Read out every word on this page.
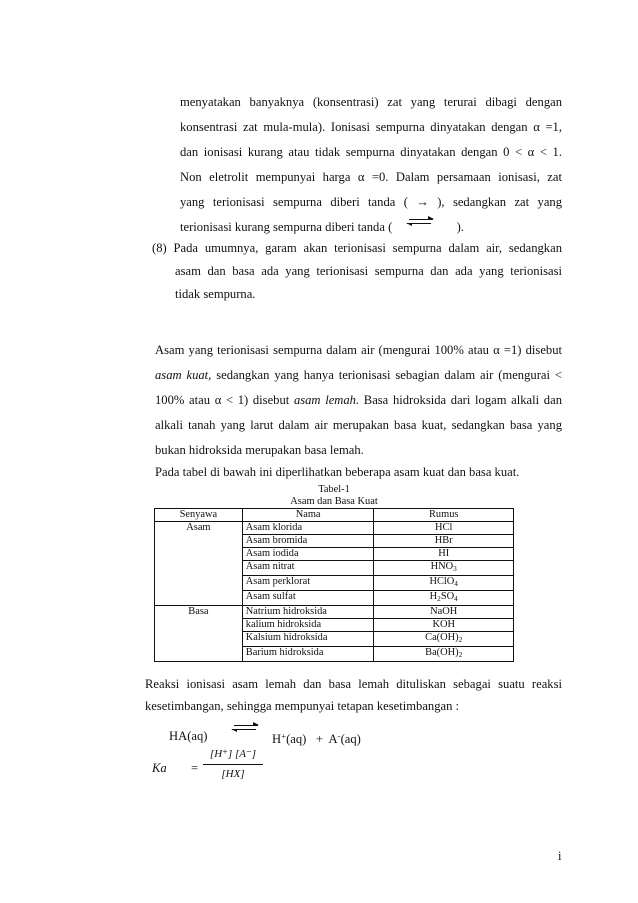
menyatakan banyaknya (konsentrasi) zat yang terurai dibagi dengan
konsentrasi zat mula-mula). Ionisasi sempurna dinyatakan dengan α =1,
dan ionisasi kurang atau tidak sempurna dinyatakan dengan 0 < α < 1.
Non eletrolit mempunyai harga α =0. Dalam persamaan ionisasi, zat
yang terionisasi sempurna diberi tanda ( → ), sedangkan zat yang
terionisasi kurang sempurna diberi tanda ( ⇌ ).
(8) Pada umumnya, garam akan terionisasi sempurna dalam air, sedangkan
asam dan basa ada yang terionisasi sempurna dan ada yang terionisasi
tidak sempurna.
Asam yang terionisasi sempurna dalam air (mengurai 100% atau α =1) disebut
asam kuat, sedangkan yang hanya terionisasi sebagian dalam air (mengurai <
100% atau α < 1) disebut asam lemah. Basa hidroksida dari logam alkali dan
alkali tanah yang larut dalam air merupakan basa kuat, sedangkan basa yang
bukan hidroksida merupakan basa lemah.
Pada tabel di bawah ini diperlihatkan beberapa asam kuat dan basa kuat.
Tabel-1
Asam dan Basa Kuat
Senyawa	Nama	Rumus
Asam	Asam klorida	HCl
	Asam bromida	HBr
	Asam iodida	HI
	Asam nitrat	$HNO_3$
	Asam perklorat	HClO$_4$
	Asam sulfat	$H_2SO_4$
Basa	Natrium hidroksida	NaOH
	kalium hidroksida	KOH
	Kalsium hidroksida	$Ca(OH)_2$
	Barium hidroksida	$Ba(OH)_2$
Reaksi ionisasi asam lemah dan basa lemah dituliskan sebagai suatu reaksi
kesetimbangan, sehingga mempunyai tetapan kesetimbangan :
HA(aq)	H+(aq) + A-(aq)
Ka =
[H⁺] [A⁻]
[HX]
i
